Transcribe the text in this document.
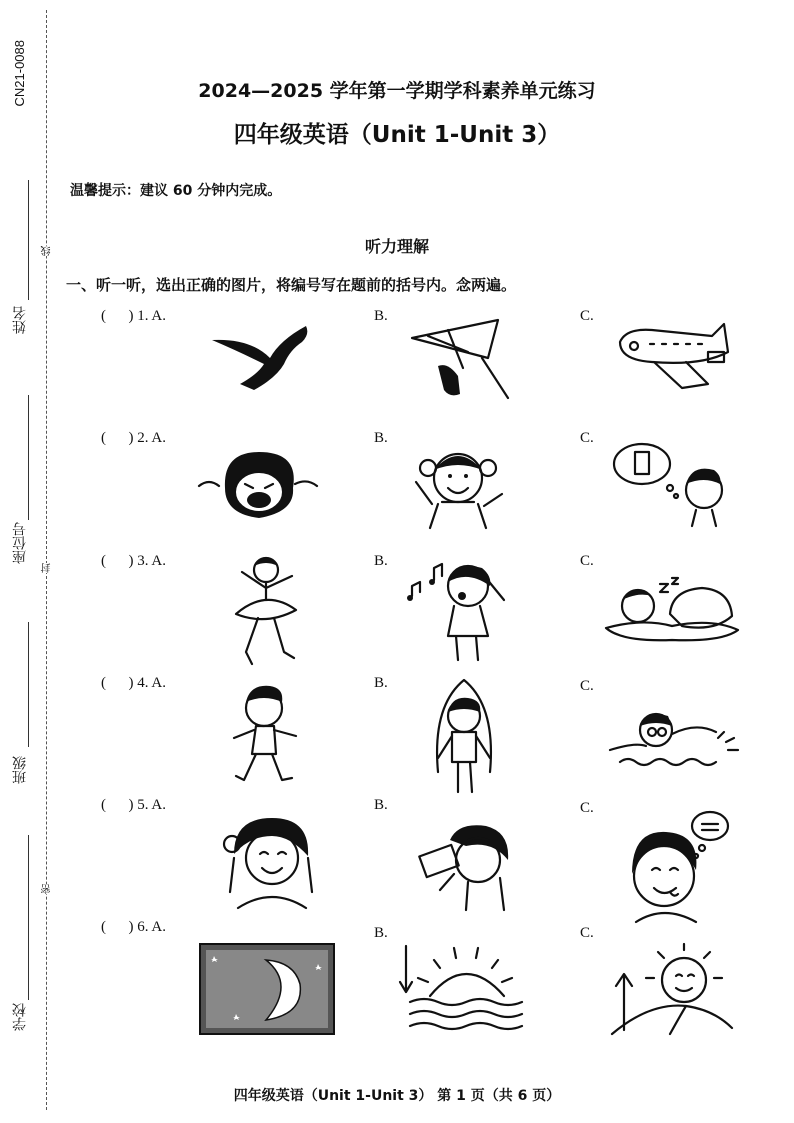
CN21-0088
姓名
座位号
班级
学校
线
封
密
2024—2025 学年第一学期学科素养单元练习
四年级英语（Unit 1-Unit 3）
温馨提示：建议 60 分钟内完成。
听力理解
一、听一听，选出正确的图片，将编号写在题前的括号内。念两遍。
(      ) 1. A.	B.	C.
(      ) 2. A.	B.	C.
(      ) 3. A.	B.	C.
(      ) 4. A.	B.	C.
(      ) 5. A.	B.	C.
(      ) 6. A.	B.	C.
四年级英语（Unit 1-Unit 3） 第 1 页（共 6 页）
